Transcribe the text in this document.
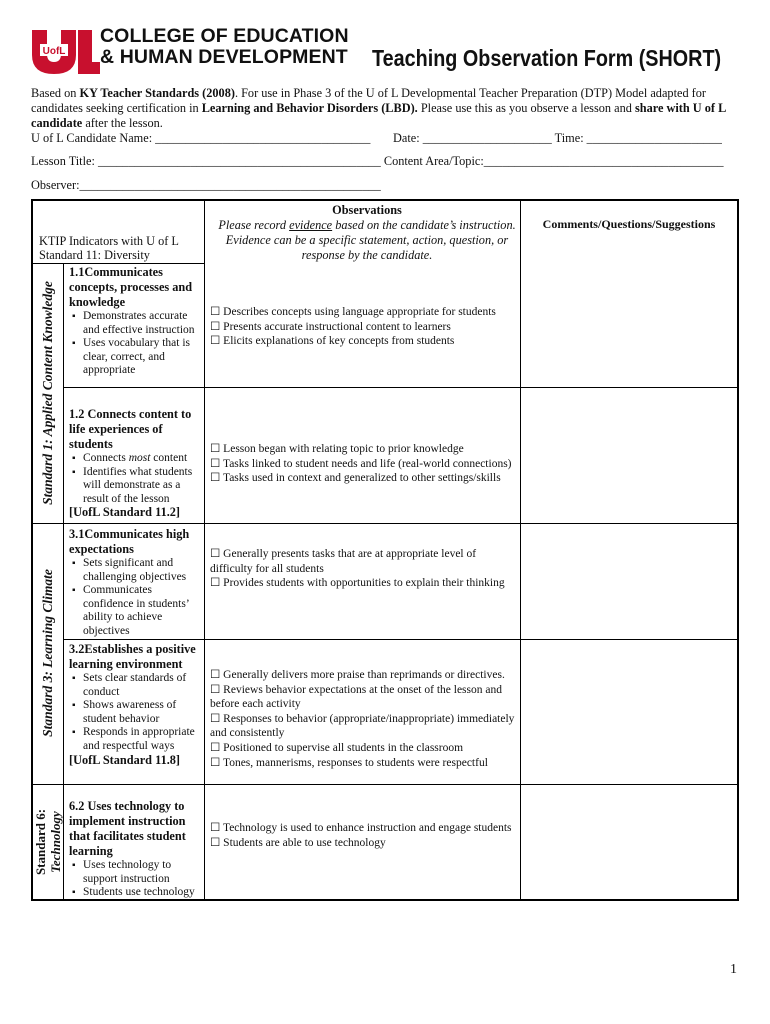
UofL
COLLEGE OF EDUCATION
& HUMAN DEVELOPMENT Teaching Observation Form (SHORT)
Based on KY Teacher Standards (2008). For use in Phase 3 of the U of L Developmental Teacher Preparation (DTP) Model adapted for candidates seeking certification in Learning and Behavior Disorders (LBD). Please use this as you observe a lesson and share with U of L candidate after the lesson.
U of L Candidate Name: ___________________________________ Date: _____________________ Time: ______________________
Lesson Title: ______________________________________________ Content Area/Topic:_______________________________________
Observer:_________________________________________________
Observations
Please record evidence based on the candidate’s instruction. Evidence can be a specific statement, action, question, or response by the candidate.
Comments/Questions/Suggestions
KTIP Indicators with U of L Standard 11: Diversity
Standard 1: Applied Content Knowledge
Standard 3: Learning Climate
Standard 6: Technology
1.1Communicates concepts, processes and knowledge
▪ Demonstrates accurate and effective instruction
▪ Uses vocabulary that is clear, correct, and appropriate
☐ Describes concepts using language appropriate for students
☐ Presents accurate instructional content to learners
☐ Elicits explanations of key concepts from students
1.2 Connects content to life experiences of students
▪ Connects most content
▪ Identifies what students will demonstrate as a result of the lesson
[UofL Standard 11.2]
☐ Lesson began with relating topic to prior knowledge
☐ Tasks linked to student needs and life (real-world connections)
☐ Tasks used in context and generalized to other settings/skills
3.1Communicates high expectations
▪ Sets significant and challenging objectives
▪ Communicates confidence in students’ ability to achieve objectives
☐ Generally presents tasks that are at appropriate level of difficulty for all students
☐ Provides students with opportunities to explain their thinking
3.2Establishes a positive learning environment
▪ Sets clear standards of conduct
▪ Shows awareness of student behavior
▪ Responds in appropriate and respectful ways
[UofL Standard 11.8]
☐ Generally delivers more praise than reprimands or directives.
☐ Reviews behavior expectations at the onset of the lesson and before each activity
☐ Responses to behavior (appropriate/inappropriate) immediately and consistently
☐ Positioned to supervise all students in the classroom
☐ Tones, mannerisms, responses to students were respectful
6.2 Uses technology to implement instruction that facilitates student learning
▪ Uses technology to support instruction
▪ Students use technology
☐ Technology is used to enhance instruction and engage students
☐ Students are able to use technology
1
